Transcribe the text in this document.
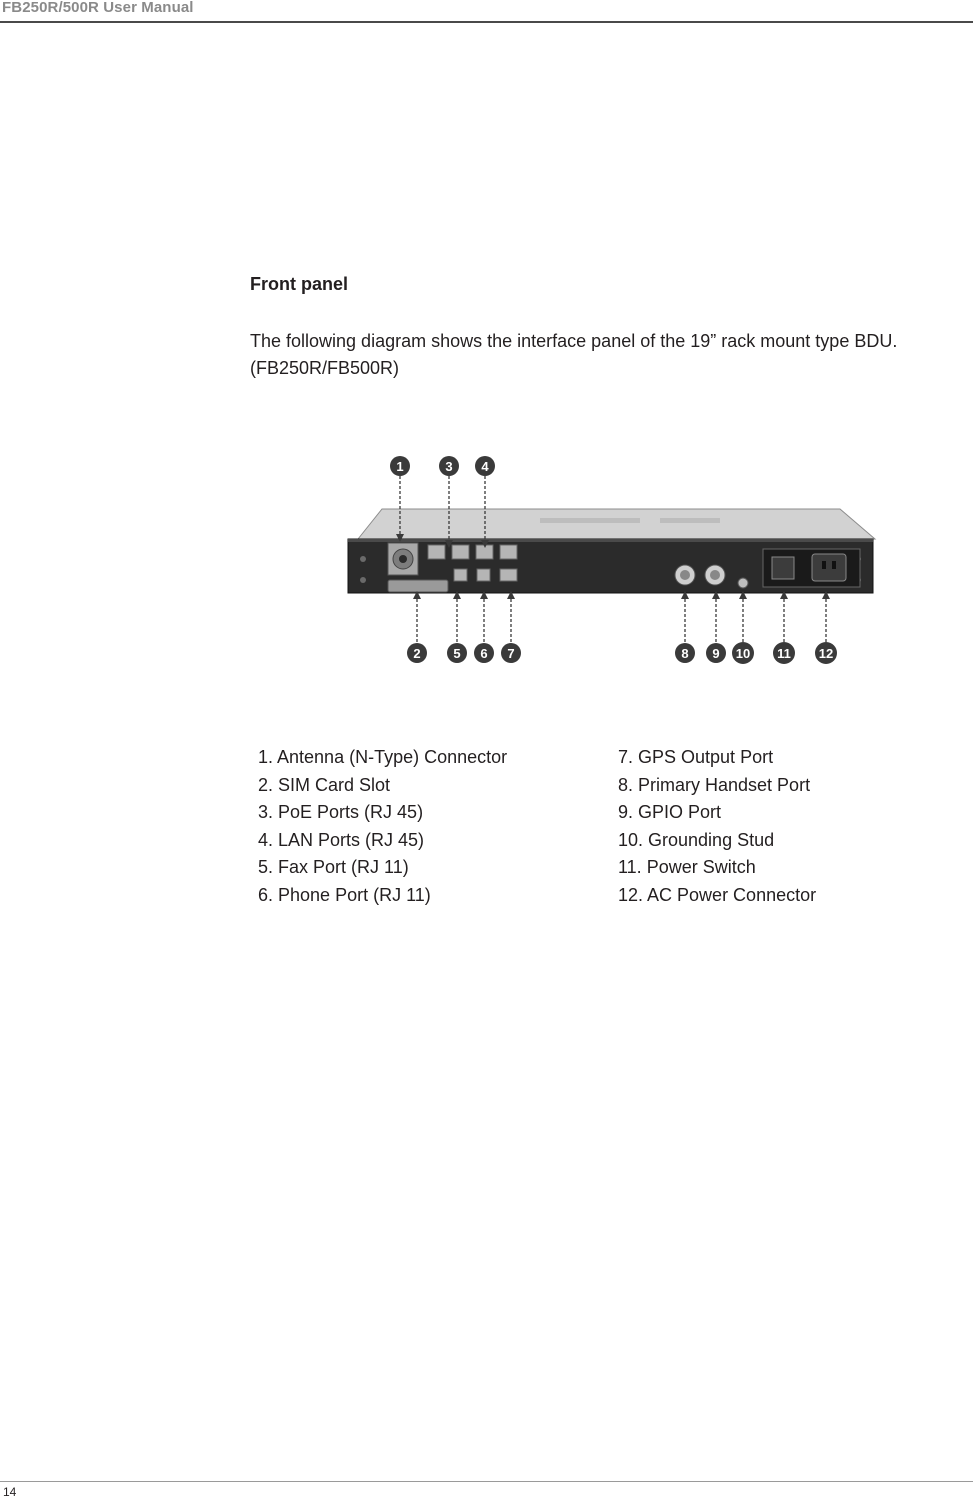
FB250R/500R User Manual
Front panel

The following diagram shows the interface panel of the 19” rack mount type BDU.
(FB250R/FB500R)

1	3 4
2	5 6 7	8 9 10 11 12
1. Antenna (N-Type) Connector
2. SIM Card Slot
3. PoE Ports (RJ 45)
4. LAN Ports (RJ 45)
5. Fax Port (RJ 11)
6. Phone Port (RJ 11)
7. GPS Output Port
8. Primary Handset Port
9. GPIO Port
10. Grounding Stud
11. Power Switch
12. AC Power Connector
14
